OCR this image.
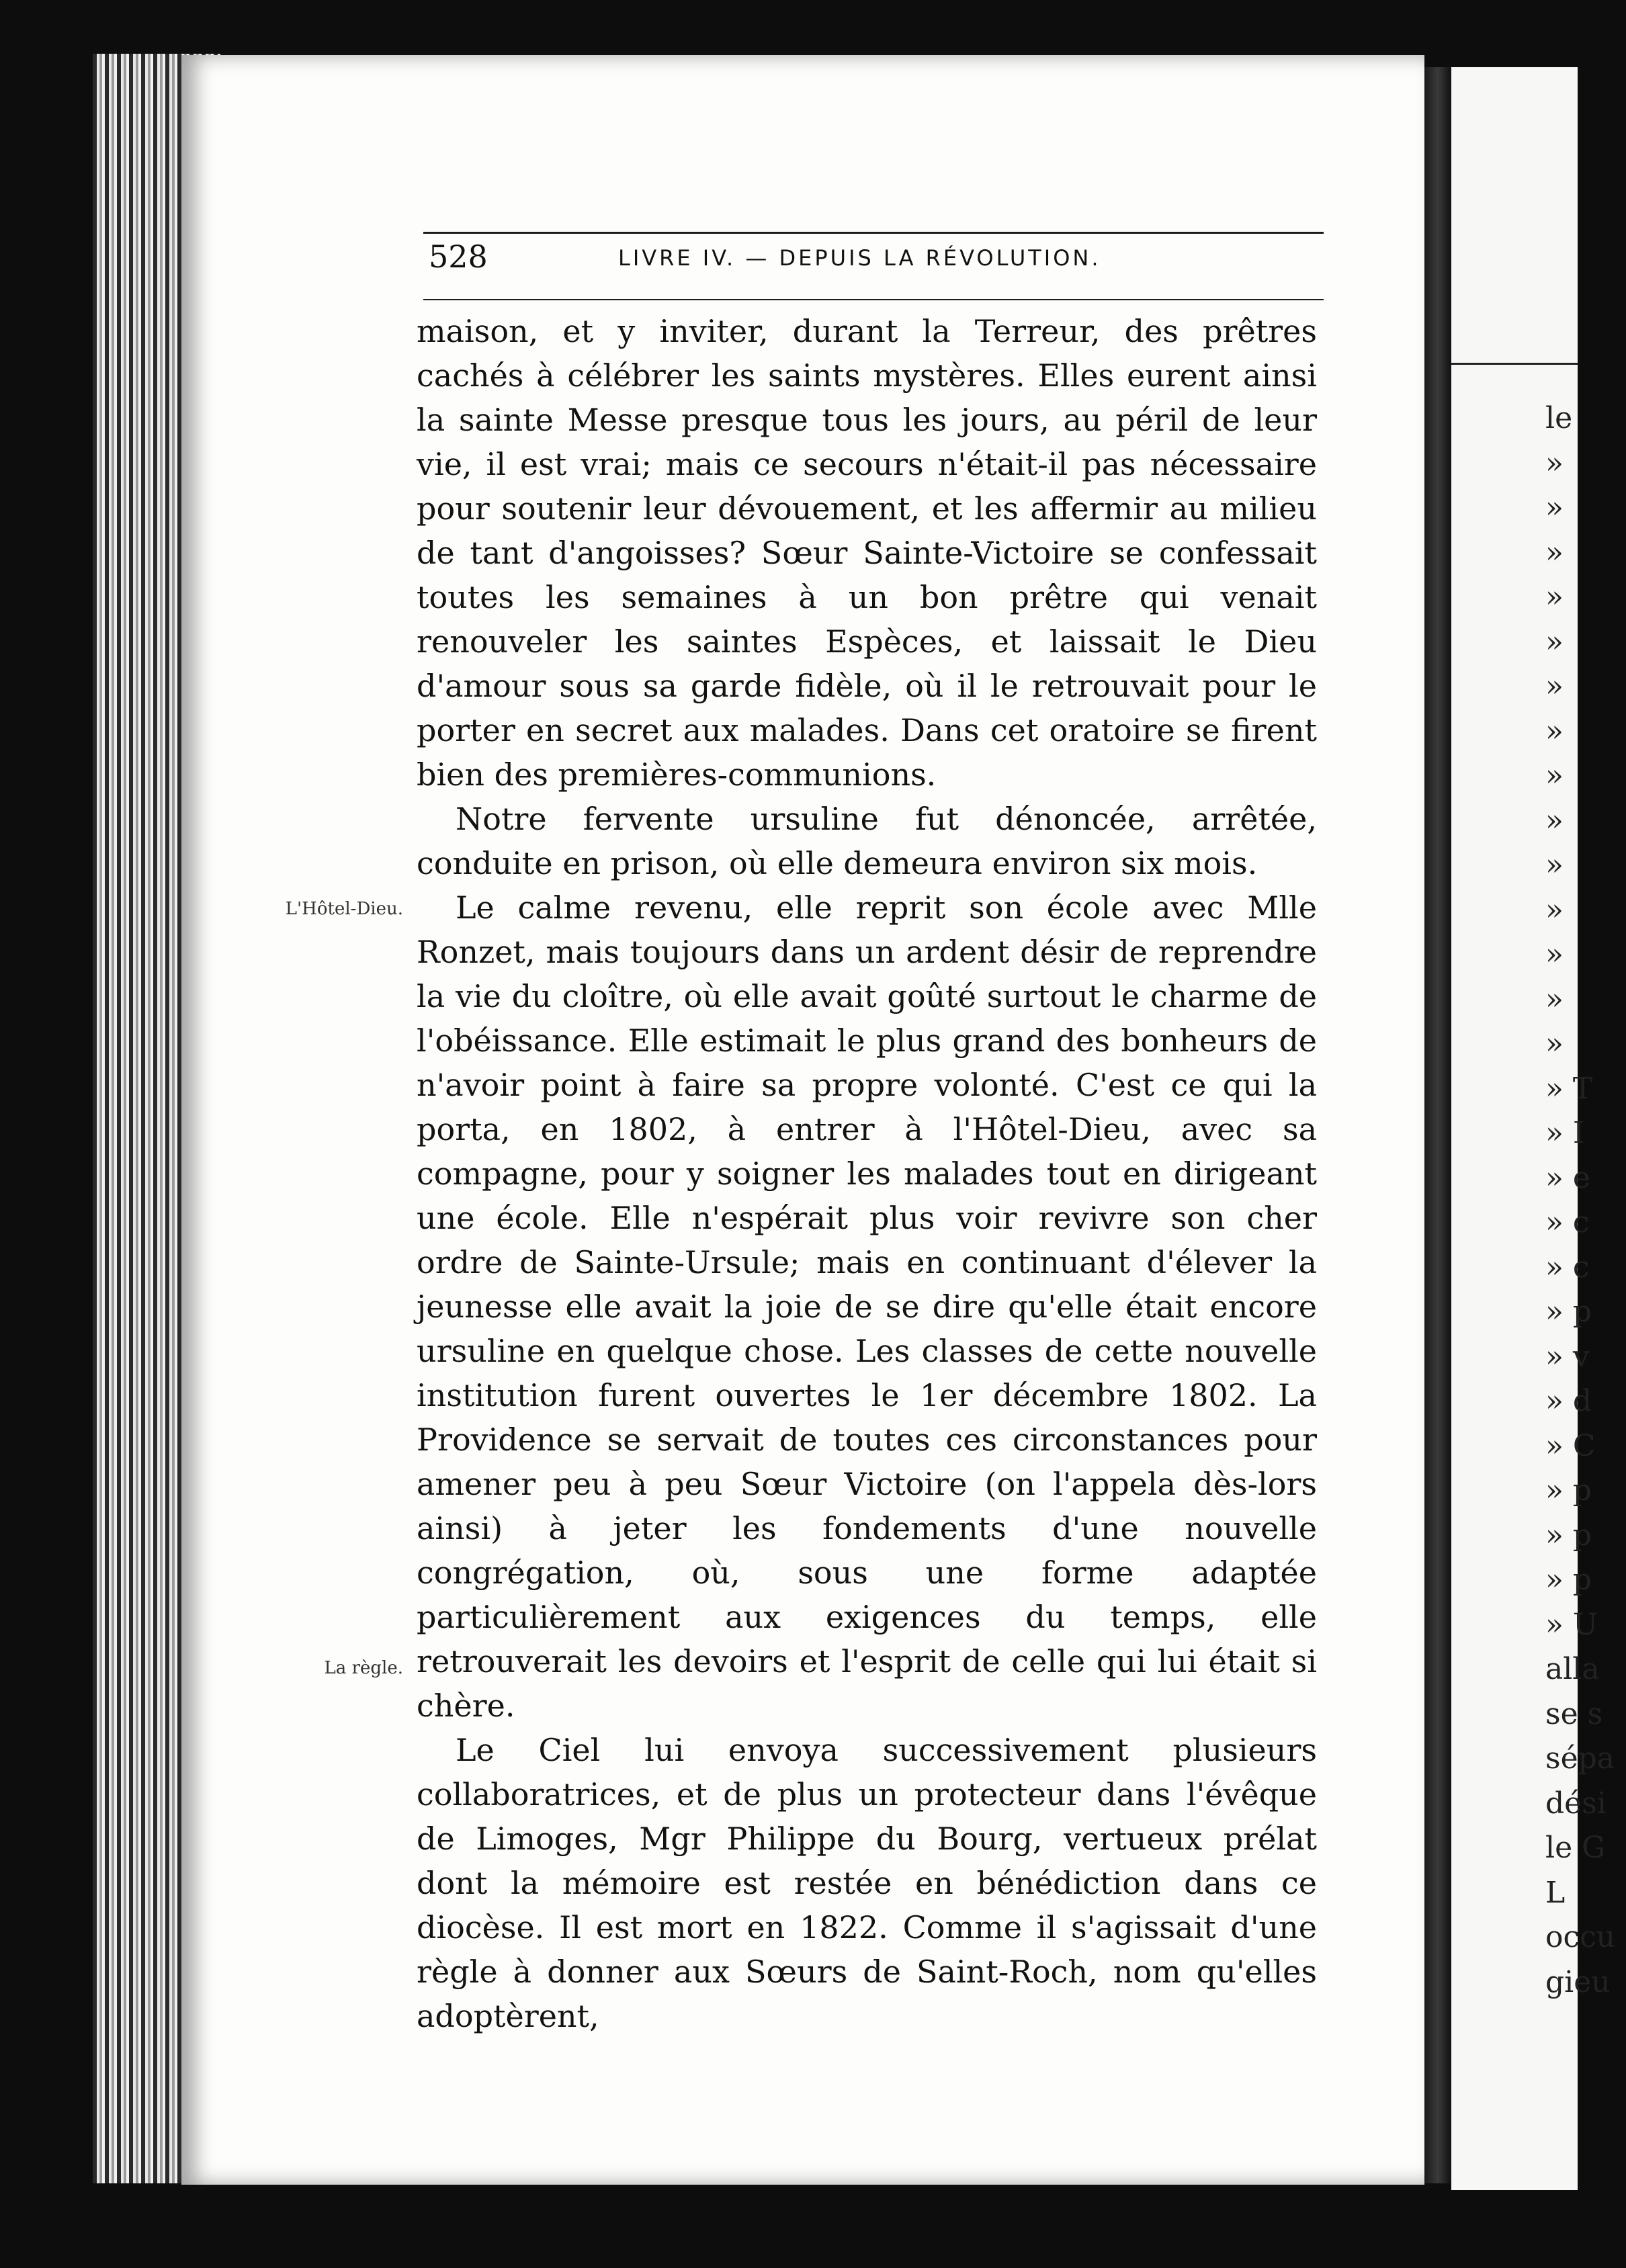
le
»
»
»
»
»
»
»
»
»
»
»
»
»
»
» T
» I
» e
» c
» c
» p
» v
» d
» C
» p
» p
» p
» U
alla
se s
sépa
dési
le G
L
occu
gieu
528	LIVRE IV. — DEPUIS LA RÉVOLUTION.
L'Hôtel-Dieu.
La règle.

maison, et y inviter, durant la Terreur, des prêtres cachés à célébrer les saints mystères. Elles eurent ainsi la sainte Messe presque tous les jours, au péril de leur vie, il est vrai; mais ce secours n'était-il pas nécessaire pour soutenir leur dévouement, et les affermir au milieu de tant d'angoisses? Sœur Sainte-Victoire se confessait toutes les semaines à un bon prêtre qui venait renouveler les saintes Espèces, et laissait le Dieu d'amour sous sa garde fidèle, où il le retrouvait pour le porter en secret aux malades. Dans cet oratoire se firent bien des premières-communions.

Notre fervente ursuline fut dénoncée, arrêtée, conduite en prison, où elle demeura environ six mois.

Le calme revenu, elle reprit son école avec Mlle Ronzet, mais toujours dans un ardent désir de reprendre la vie du cloître, où elle avait goûté surtout le charme de l'obéissance. Elle estimait le plus grand des bonheurs de n'avoir point à faire sa propre volonté. C'est ce qui la porta, en 1802, à entrer à l'Hôtel-Dieu, avec sa compagne, pour y soigner les malades tout en dirigeant une école. Elle n'espérait plus voir revivre son cher ordre de Sainte-Ursule; mais en continuant d'élever la jeunesse elle avait la joie de se dire qu'elle était encore ursuline en quelque chose. Les classes de cette nouvelle institution furent ouvertes le 1er décembre 1802. La Providence se servait de toutes ces circonstances pour amener peu à peu Sœur Victoire (on l'appela dès-lors ainsi) à jeter les fondements d'une nouvelle congrégation, où, sous une forme adaptée particulièrement aux exigences du temps, elle retrouverait les devoirs et l'esprit de celle qui lui était si chère.

Le Ciel lui envoya successivement plusieurs collaboratrices, et de plus un protecteur dans l'évêque de Limoges, Mgr Philippe du Bourg, vertueux prélat dont la mémoire est restée en bénédiction dans ce diocèse. Il est mort en 1822. Comme il s'agissait d'une règle à donner aux Sœurs de Saint-Roch, nom qu'elles adoptèrent,
